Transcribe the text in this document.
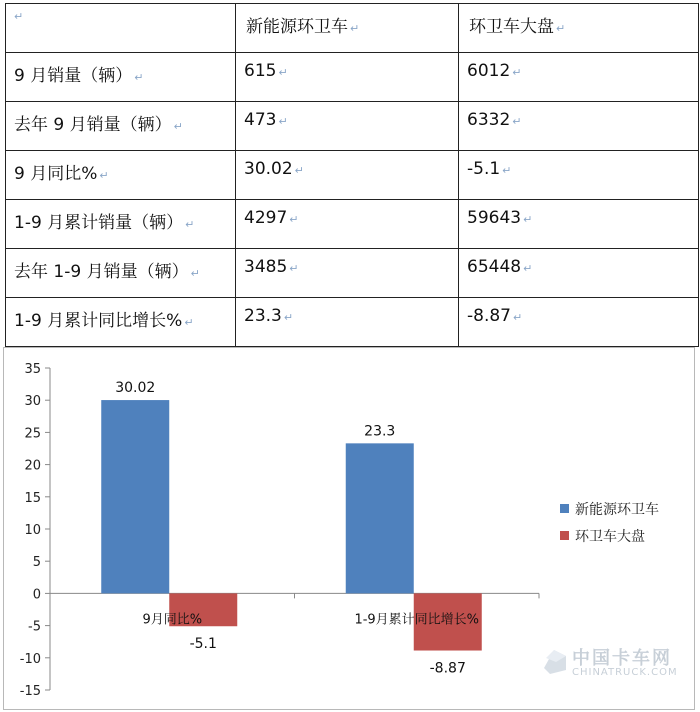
↵	新能源环卫车 ↵	环卫车大盘 ↵

9 月销量（辆） ↵	615 ↵	6012 ↵

去年 9 月销量（辆） ↵	473 ↵	6332 ↵

9 月同比% ↵	30.02 ↵	-5.1 ↵

1-9 月累计销量（辆） ↵	4297 ↵	59643 ↵

去年 1-9 月销量（辆） ↵	3485 ↵	65448 ↵

1-9 月累计同比增长% ↵	23.3 ↵	-8.87 ↵
35
30
25
20
15
10
5
0
-5
-10
-15
30.02
-5.1
9月同比%
23.3
-8.87
1-9月累计同比增长%
新能源环卫车
环卫车大盘
中国卡车网
CHINATRUCK.COM
